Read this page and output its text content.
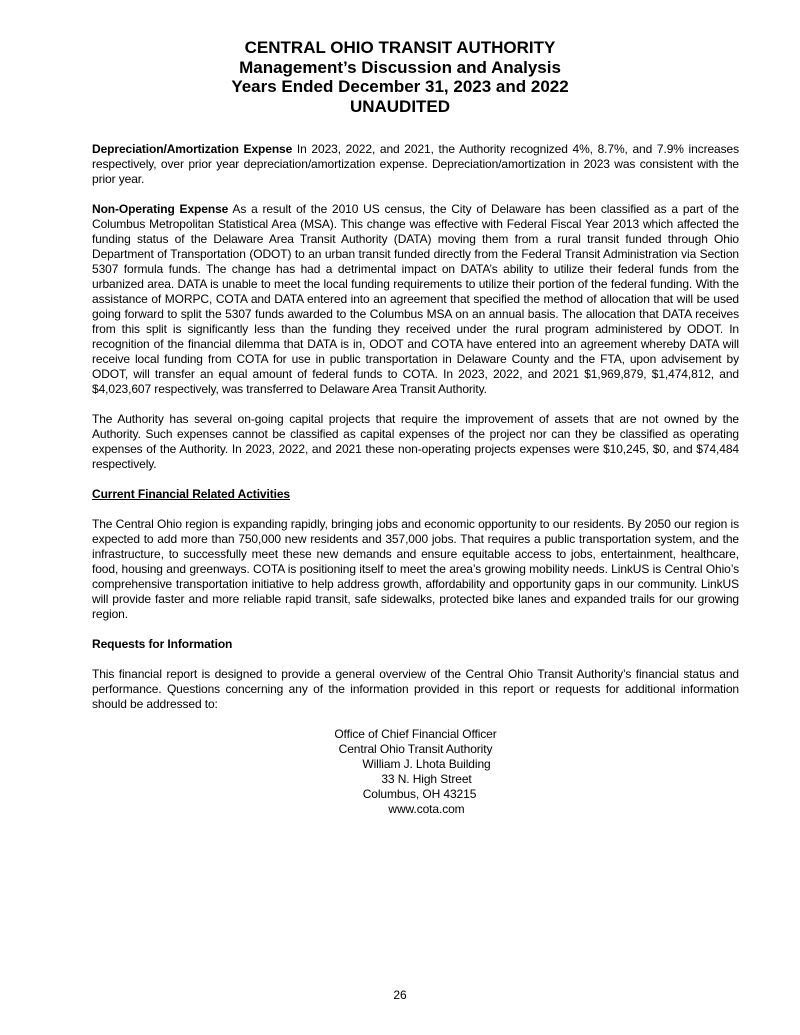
CENTRAL OHIO TRANSIT AUTHORITY
Management’s Discussion and Analysis
Years Ended December 31, 2023 and 2022
UNAUDITED

Depreciation/Amortization Expense In 2023, 2022, and 2021, the Authority recognized 4%, 8.7%, and 7.9% increases respectively, over prior year depreciation/amortization expense. Depreciation/amortization in 2023 was consistent with the prior year.

Non-Operating Expense As a result of the 2010 US census, the City of Delaware has been classified as a part of the Columbus Metropolitan Statistical Area (MSA). This change was effective with Federal Fiscal Year 2013 which affected the funding status of the Delaware Area Transit Authority (DATA) moving them from a rural transit funded through Ohio Department of Transportation (ODOT) to an urban transit funded directly from the Federal Transit Administration via Section 5307 formula funds. The change has had a detrimental impact on DATA’s ability to utilize their federal funds from the urbanized area. DATA is unable to meet the local funding requirements to utilize their portion of the federal funding. With the assistance of MORPC, COTA and DATA entered into an agreement that specified the method of allocation that will be used going forward to split the 5307 funds awarded to the Columbus MSA on an annual basis. The allocation that DATA receives from this split is significantly less than the funding they received under the rural program administered by ODOT. In recognition of the financial dilemma that DATA is in, ODOT and COTA have entered into an agreement whereby DATA will receive local funding from COTA for use in public transportation in Delaware County and the FTA, upon advisement by ODOT, will transfer an equal amount of federal funds to COTA. In 2023, 2022, and 2021 $1,969,879, $1,474,812, and $4,023,607 respectively, was transferred to Delaware Area Transit Authority.

The Authority has several on-going capital projects that require the improvement of assets that are not owned by the Authority. Such expenses cannot be classified as capital expenses of the project nor can they be classified as operating expenses of the Authority. In 2023, 2022, and 2021 these non-operating projects expenses were $10,245, $0, and $74,484 respectively.

Current Financial Related Activities

The Central Ohio region is expanding rapidly, bringing jobs and economic opportunity to our residents. By 2050 our region is expected to add more than 750,000 new residents and 357,000 jobs. That requires a public transportation system, and the infrastructure, to successfully meet these new demands and ensure equitable access to jobs, entertainment, healthcare, food, housing and greenways. COTA is positioning itself to meet the area’s growing mobility needs. LinkUS is Central Ohio’s comprehensive transportation initiative to help address growth, affordability and opportunity gaps in our community. LinkUS will provide faster and more reliable rapid transit, safe sidewalks, protected bike lanes and expanded trails for our growing region.

Requests for Information

This financial report is designed to provide a general overview of the Central Ohio Transit Authority’s financial status and performance. Questions concerning any of the information provided in this report or requests for additional information should be addressed to:

Office of Chief Financial Officer
Central Ohio Transit Authority
William J. Lhota Building
33 N. High Street
Columbus, OH 43215
www.cota.com
26
